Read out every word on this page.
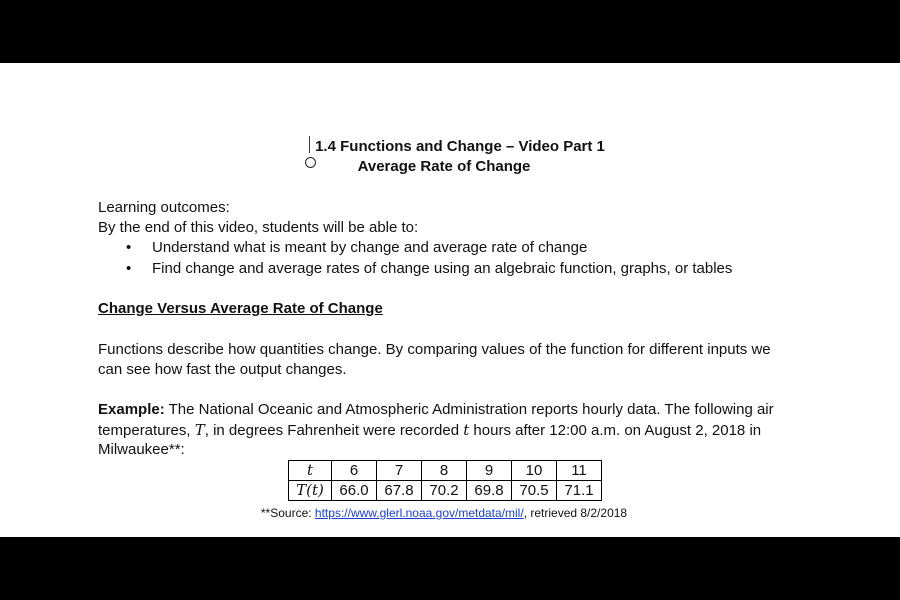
1.4 Functions and Change – Video Part 1
Average Rate of Change
Learning outcomes:
By the end of this video, students will be able to:
• Understand what is meant by change and average rate of change
• Find change and average rates of change using an algebraic function, graphs, or tables
Change Versus Average Rate of Change
Functions describe how quantities change. By comparing values of the function for different inputs we
can see how fast the output changes.
Example: The National Oceanic and Atmospheric Administration reports hourly data. The following air
temperatures, T, in degrees Fahrenheit were recorded t hours after 12:00 a.m. on August 2, 2018 in
Milwaukee**:
t	6	7	8	9	10	11
T(t)	66.0	67.8	70.2	69.8	70.5	71.1
**Source: https://www.glerl.noaa.gov/metdata/mil/, retrieved 8/2/2018
